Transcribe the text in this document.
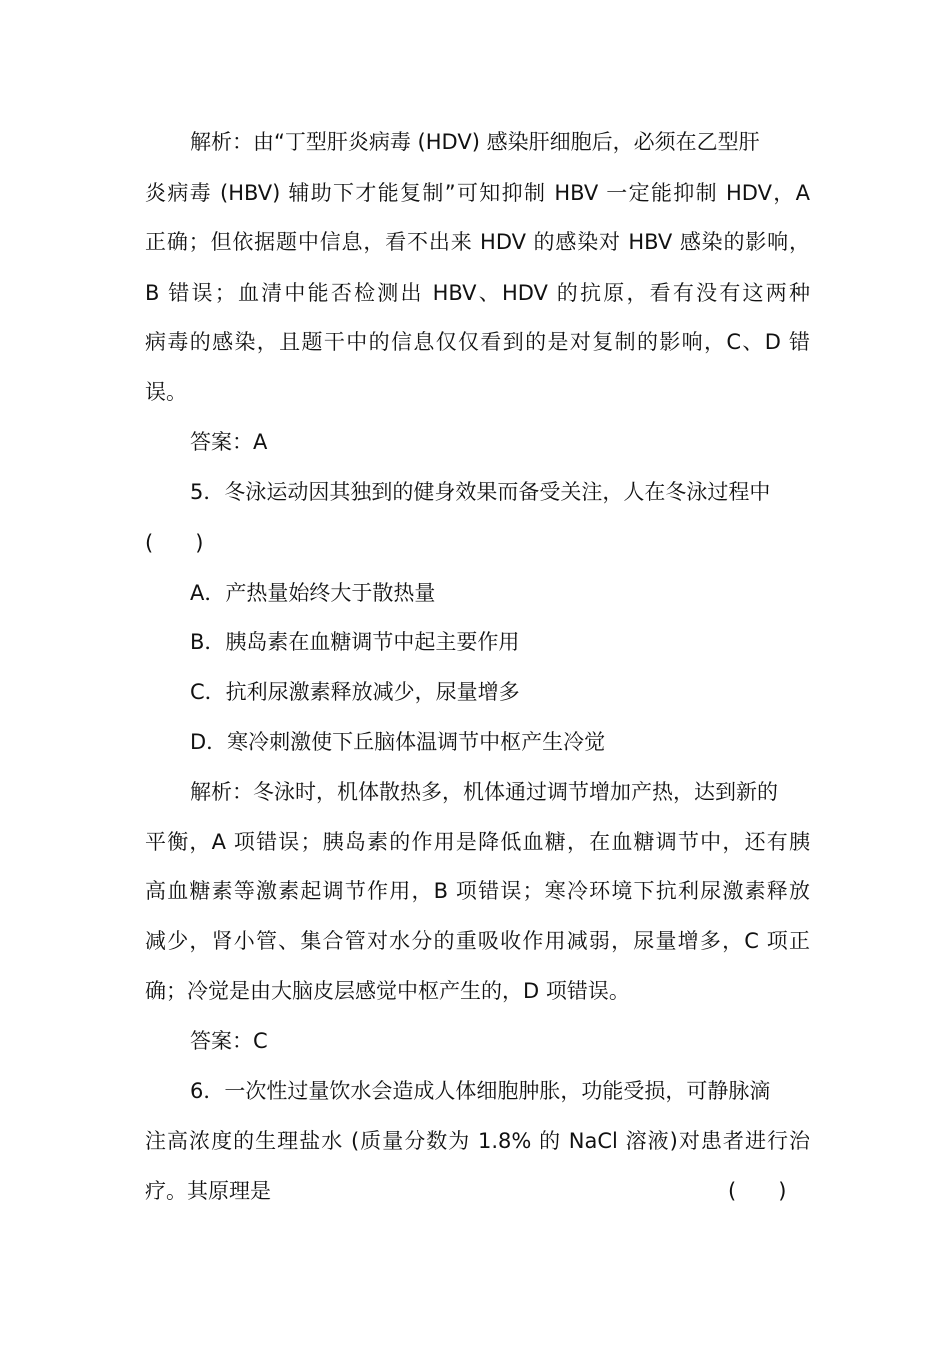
解析：由“丁型肝炎病毒 (HDV) 感染肝细胞后，必须在乙型肝
炎病毒 (HBV) 辅助下才能复制”可知抑制 HBV 一定能抑制 HDV，A
正确；但依据题中信息，看不出来 HDV 的感染对 HBV 感染的影响，
B 错误；血清中能否检测出 HBV、HDV 的抗原，看有没有这两种
病毒的感染，且题干中的信息仅仅看到的是对复制的影响，C、D 错
误。
答案：A
5．冬泳运动因其独到的健身效果而备受关注，人在冬泳过程中
(　　)
A．产热量始终大于散热量
B．胰岛素在血糖调节中起主要作用
C．抗利尿激素释放减少，尿量增多
D．寒冷刺激使下丘脑体温调节中枢产生冷觉
解析：冬泳时，机体散热多，机体通过调节增加产热，达到新的
平衡，A 项错误；胰岛素的作用是降低血糖，在血糖调节中，还有胰
高血糖素等激素起调节作用，B 项错误；寒冷环境下抗利尿激素释放
减少，肾小管、集合管对水分的重吸收作用减弱，尿量增多，C 项正
确；冷觉是由大脑皮层感觉中枢产生的，D 项错误。
答案：C
6．一次性过量饮水会造成人体细胞肿胀，功能受损，可静脉滴
注高浓度的生理盐水 (质量分数为 1.8% 的 NaCl 溶液)对患者进行治
疗。其原理是	(　　)
